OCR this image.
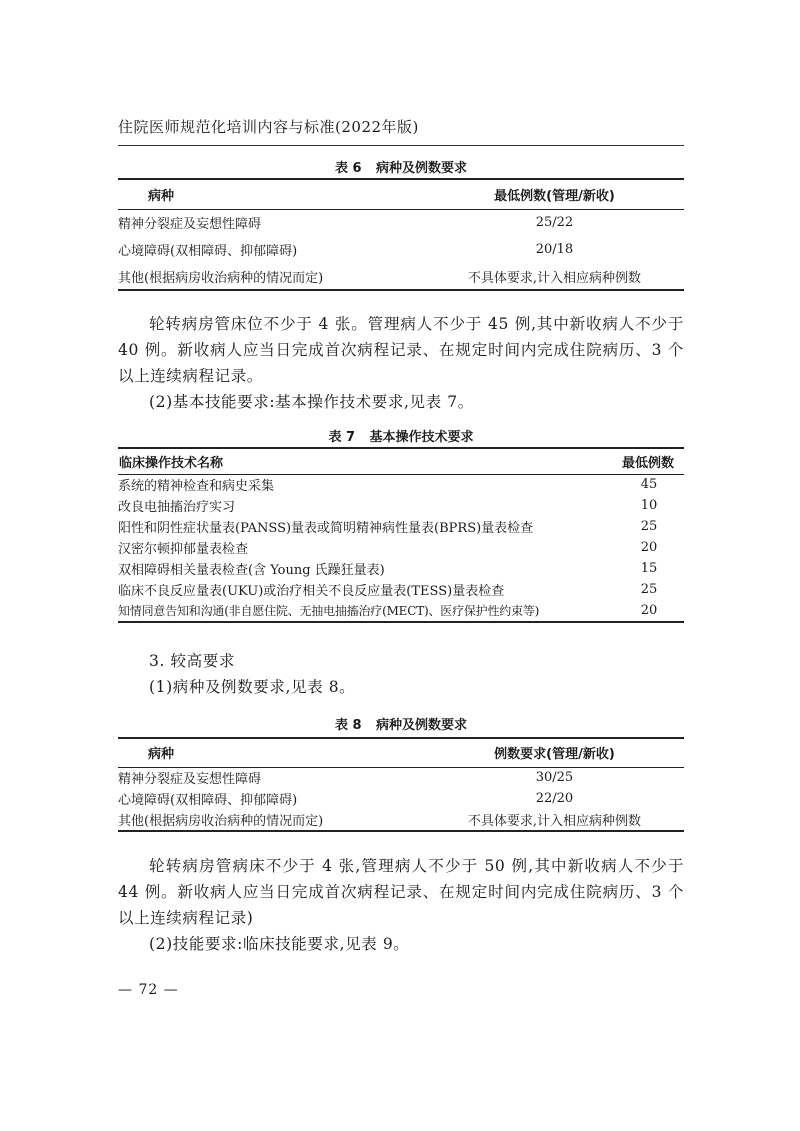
住院医师规范化培训内容与标准(2022年版)
表 6 病种及例数要求
病种	最低例数(管理/新收)
精神分裂症及妄想性障碍	25/22
心境障碍(双相障碍、抑郁障碍)	20/18
其他(根据病房收治病种的情况而定)	不具体要求,计入相应病种例数

轮转病房管床位不少于 4 张。管理病人不少于 45 例,其中新收病人不少于 40 例。新收病人应当日完成首次病程记录、在规定时间内完成住院病历、3 个以上连续病程记录。

(2)基本技能要求:基本操作技术要求,见表 7。

表 7 基本操作技术要求
临床操作技术名称	最低例数
系统的精神检查和病史采集	45
改良电抽搐治疗实习	10
阳性和阴性症状量表(PANSS)量表或简明精神病性量表(BPRS)量表检查	25
汉密尔顿抑郁量表检查	20
双相障碍相关量表检查(含 Young 氏躁狂量表)	15
临床不良反应量表(UKU)或治疗相关不良反应量表(TESS)量表检查	25
知情同意告知和沟通(非自愿住院、无抽电抽搐治疗(MECT)、医疗保护性约束等)	20

3. 较高要求

(1)病种及例数要求,见表 8。

表 8 病种及例数要求
病种	例数要求(管理/新收)
精神分裂症及妄想性障碍	30/25
心境障碍(双相障碍、抑郁障碍)	22/20
其他(根据病房收治病种的情况而定)	不具体要求,计入相应病种例数

轮转病房管病床不少于 4 张,管理病人不少于 50 例,其中新收病人不少于 44 例。新收病人应当日完成首次病程记录、在规定时间内完成住院病历、3 个以上连续病程记录)

(2)技能要求:临床技能要求,见表 9。

— 72 —
